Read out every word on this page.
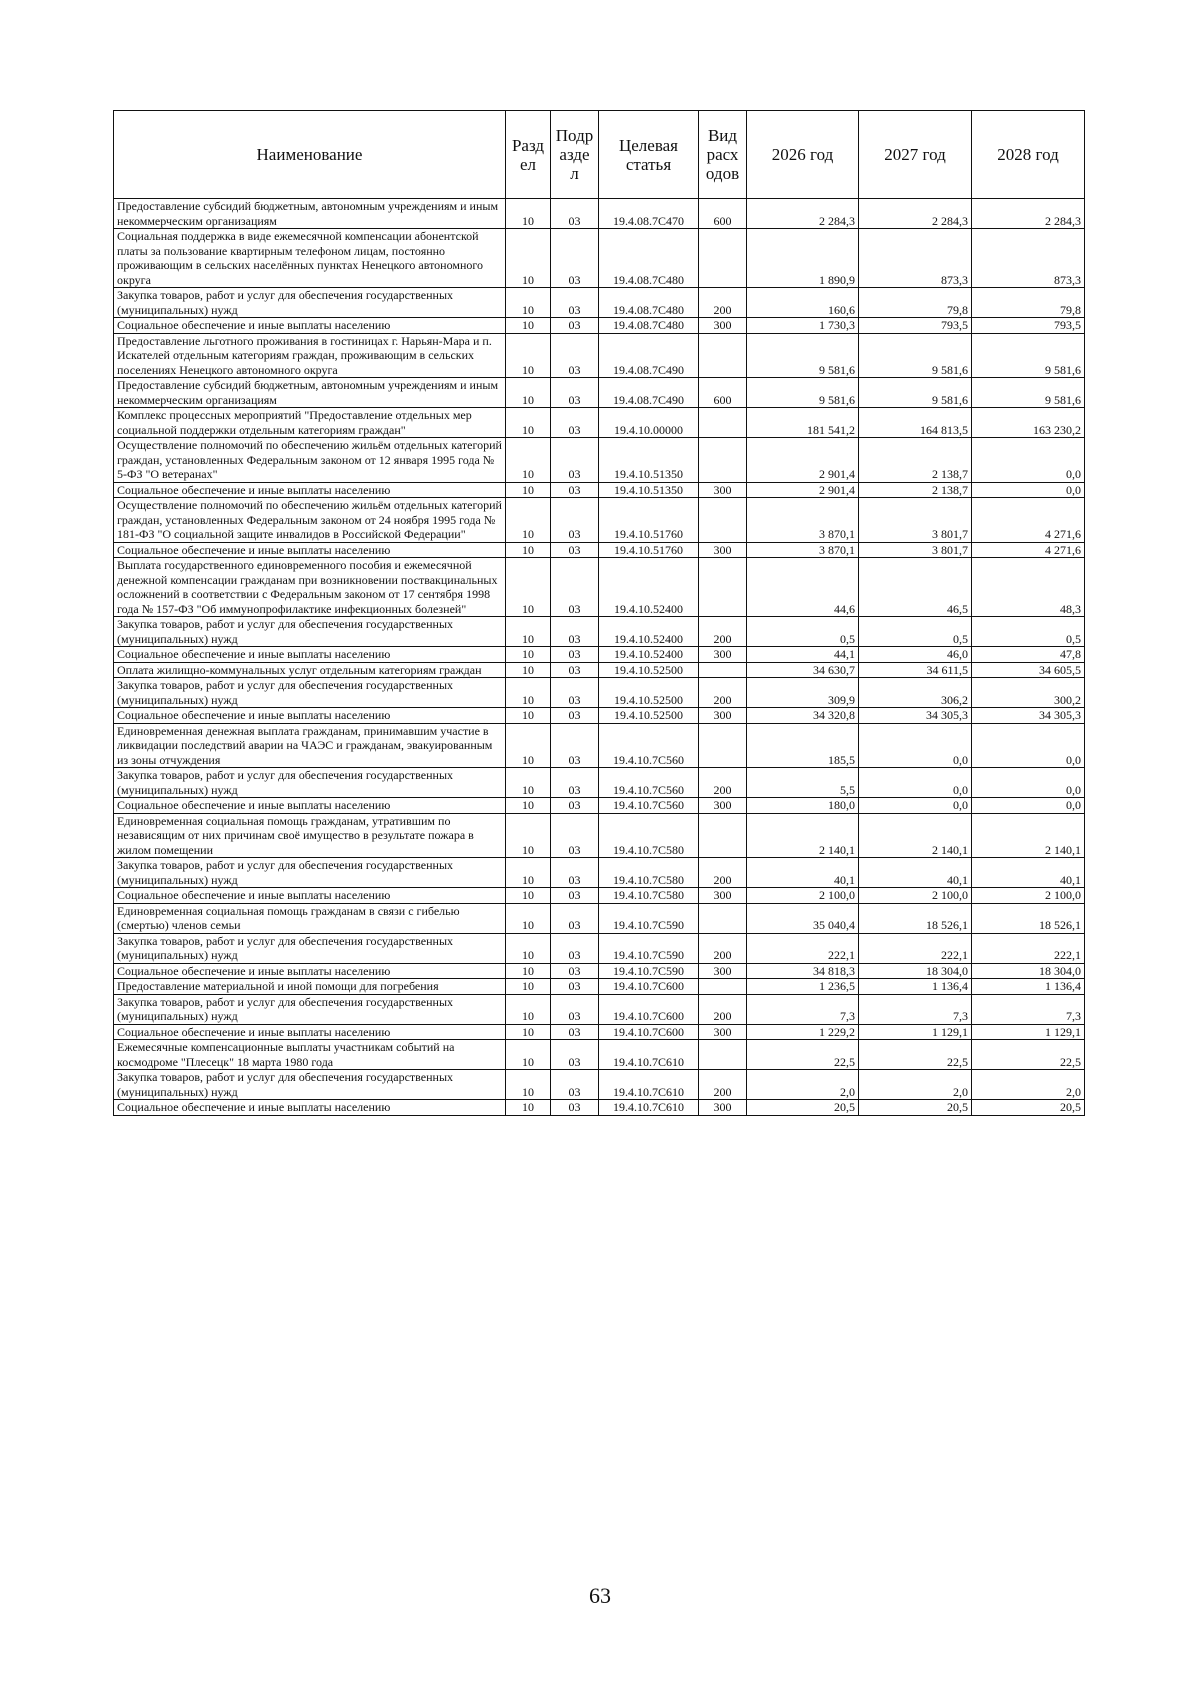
Наименование	Разд ел	Подр азде л	Целевая статья	Вид расх одов	2026 год	2027 год	2028 год
Предоставление субсидий бюджетным, автономным учреждениям и иным некоммерческим организациям	10	03	19.4.08.7С470	600	2 284,3	2 284,3	2 284,3
Социальная поддержка в виде ежемесячной компенсации абонентской платы за пользование квартирным телефоном лицам, постоянно проживающим в сельских населённых пунктах Ненецкого автономного округа	10	03	19.4.08.7С480		1 890,9	873,3	873,3
Закупка товаров, работ и услуг для обеспечения государственных (муниципальных) нужд	10	03	19.4.08.7С480	200	160,6	79,8	79,8
Социальное обеспечение и иные выплаты населению	10	03	19.4.08.7С480	300	1 730,3	793,5	793,5
Предоставление льготного проживания в гостиницах г. Нарьян-Мара и п. Искателей отдельным категориям граждан, проживающим в сельских поселениях Ненецкого автономного округа	10	03	19.4.08.7С490		9 581,6	9 581,6	9 581,6
Предоставление субсидий бюджетным, автономным учреждениям и иным некоммерческим организациям	10	03	19.4.08.7С490	600	9 581,6	9 581,6	9 581,6
Комплекс процессных мероприятий "Предоставление отдельных мер социальной поддержки отдельным категориям граждан"	10	03	19.4.10.00000		181 541,2	164 813,5	163 230,2
Осуществление полномочий по обеспечению жильём отдельных категорий граждан, установленных Федеральным законом от 12 января 1995 года № 5-ФЗ "О ветеранах"	10	03	19.4.10.51350		2 901,4	2 138,7	0,0
Социальное обеспечение и иные выплаты населению	10	03	19.4.10.51350	300	2 901,4	2 138,7	0,0
Осуществление полномочий по обеспечению жильём отдельных категорий граждан, установленных Федеральным законом от 24 ноября 1995 года № 181-ФЗ "О социальной защите инвалидов в Российской Федерации"	10	03	19.4.10.51760		3 870,1	3 801,7	4 271,6
Социальное обеспечение и иные выплаты населению	10	03	19.4.10.51760	300	3 870,1	3 801,7	4 271,6
Выплата государственного единовременного пособия и ежемесячной денежной компенсации гражданам при возникновении поствакцинальных осложнений в соответствии с Федеральным законом от 17 сентября 1998 года № 157-ФЗ "Об иммунопрофилактике инфекционных болезней"	10	03	19.4.10.52400		44,6	46,5	48,3
Закупка товаров, работ и услуг для обеспечения государственных (муниципальных) нужд	10	03	19.4.10.52400	200	0,5	0,5	0,5
Социальное обеспечение и иные выплаты населению	10	03	19.4.10.52400	300	44,1	46,0	47,8
Оплата жилищно-коммунальных услуг отдельным категориям граждан	10	03	19.4.10.52500		34 630,7	34 611,5	34 605,5
Закупка товаров, работ и услуг для обеспечения государственных (муниципальных) нужд	10	03	19.4.10.52500	200	309,9	306,2	300,2
Социальное обеспечение и иные выплаты населению	10	03	19.4.10.52500	300	34 320,8	34 305,3	34 305,3
Единовременная денежная выплата гражданам, принимавшим участие в ликвидации последствий аварии на ЧАЭС и гражданам, эвакуированным из зоны отчуждения	10	03	19.4.10.7С560		185,5	0,0	0,0
Закупка товаров, работ и услуг для обеспечения государственных (муниципальных) нужд	10	03	19.4.10.7С560	200	5,5	0,0	0,0
Социальное обеспечение и иные выплаты населению	10	03	19.4.10.7С560	300	180,0	0,0	0,0
Единовременная социальная помощь гражданам, утратившим по независящим от них причинам своё имущество в результате пожара в жилом помещении	10	03	19.4.10.7С580		2 140,1	2 140,1	2 140,1
Закупка товаров, работ и услуг для обеспечения государственных (муниципальных) нужд	10	03	19.4.10.7С580	200	40,1	40,1	40,1
Социальное обеспечение и иные выплаты населению	10	03	19.4.10.7С580	300	2 100,0	2 100,0	2 100,0
Единовременная социальная помощь гражданам в связи с гибелью (смертью) членов семьи	10	03	19.4.10.7С590		35 040,4	18 526,1	18 526,1
Закупка товаров, работ и услуг для обеспечения государственных (муниципальных) нужд	10	03	19.4.10.7С590	200	222,1	222,1	222,1
Социальное обеспечение и иные выплаты населению	10	03	19.4.10.7С590	300	34 818,3	18 304,0	18 304,0
Предоставление материальной и иной помощи для погребения	10	03	19.4.10.7С600		1 236,5	1 136,4	1 136,4
Закупка товаров, работ и услуг для обеспечения государственных (муниципальных) нужд	10	03	19.4.10.7С600	200	7,3	7,3	7,3
Социальное обеспечение и иные выплаты населению	10	03	19.4.10.7С600	300	1 229,2	1 129,1	1 129,1
Ежемесячные компенсационные выплаты участникам событий на космодроме "Плесецк" 18 марта 1980 года	10	03	19.4.10.7С610		22,5	22,5	22,5
Закупка товаров, работ и услуг для обеспечения государственных (муниципальных) нужд	10	03	19.4.10.7С610	200	2,0	2,0	2,0
Социальное обеспечение и иные выплаты населению	10	03	19.4.10.7С610	300	20,5	20,5	20,5
63
